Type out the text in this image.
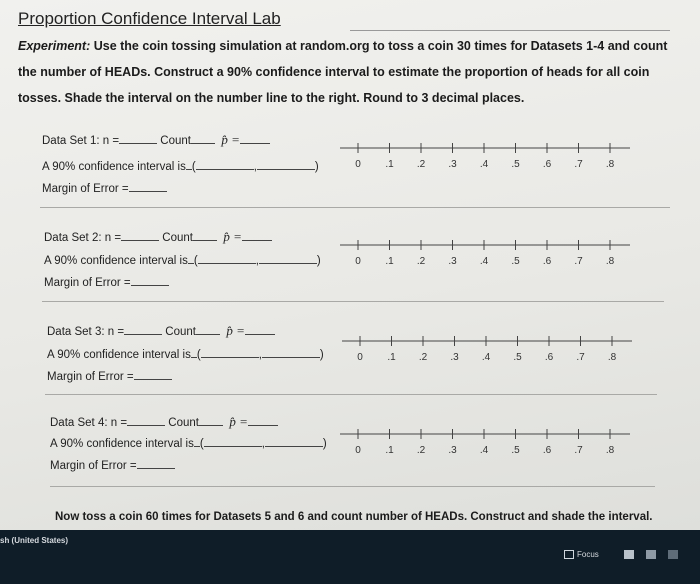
Proportion Confidence Interval Lab
Experiment: Use the coin tossing simulation at random.org to toss a coin 30 times for Datasets 1-4 and count the number of HEADs. Construct a 90% confidence interval to estimate the proportion of heads for all coin tosses. Shade the interval on the number line to the right. Round to 3 decimal places.
Data Set 1: n =	Count p̂ =
A 90% confidence interval is (	,	)
Margin of Error =
0 .1 .2 .3 .4 .5 .6 .7 .8
Data Set 2: n =	Count p̂ =
A 90% confidence interval is (	,	)
Margin of Error =
0 .1 .2 .3 .4 .5 .6 .7 .8
Data Set 3: n =	Count p̂ =
A 90% confidence interval is (	,	)
Margin of Error =
0 .1 .2 .3 .4 .5 .6 .7 .8
Data Set 4: n =	Count p̂ =
A 90% confidence interval is (	,	)
Margin of Error =
0 .1 .2 .3 .4 .5 .6 .7 .8
Now toss a coin 60 times for Datasets 5 and 6 and count number of HEADs. Construct and shade the interval.
sh (United States)
Focus
